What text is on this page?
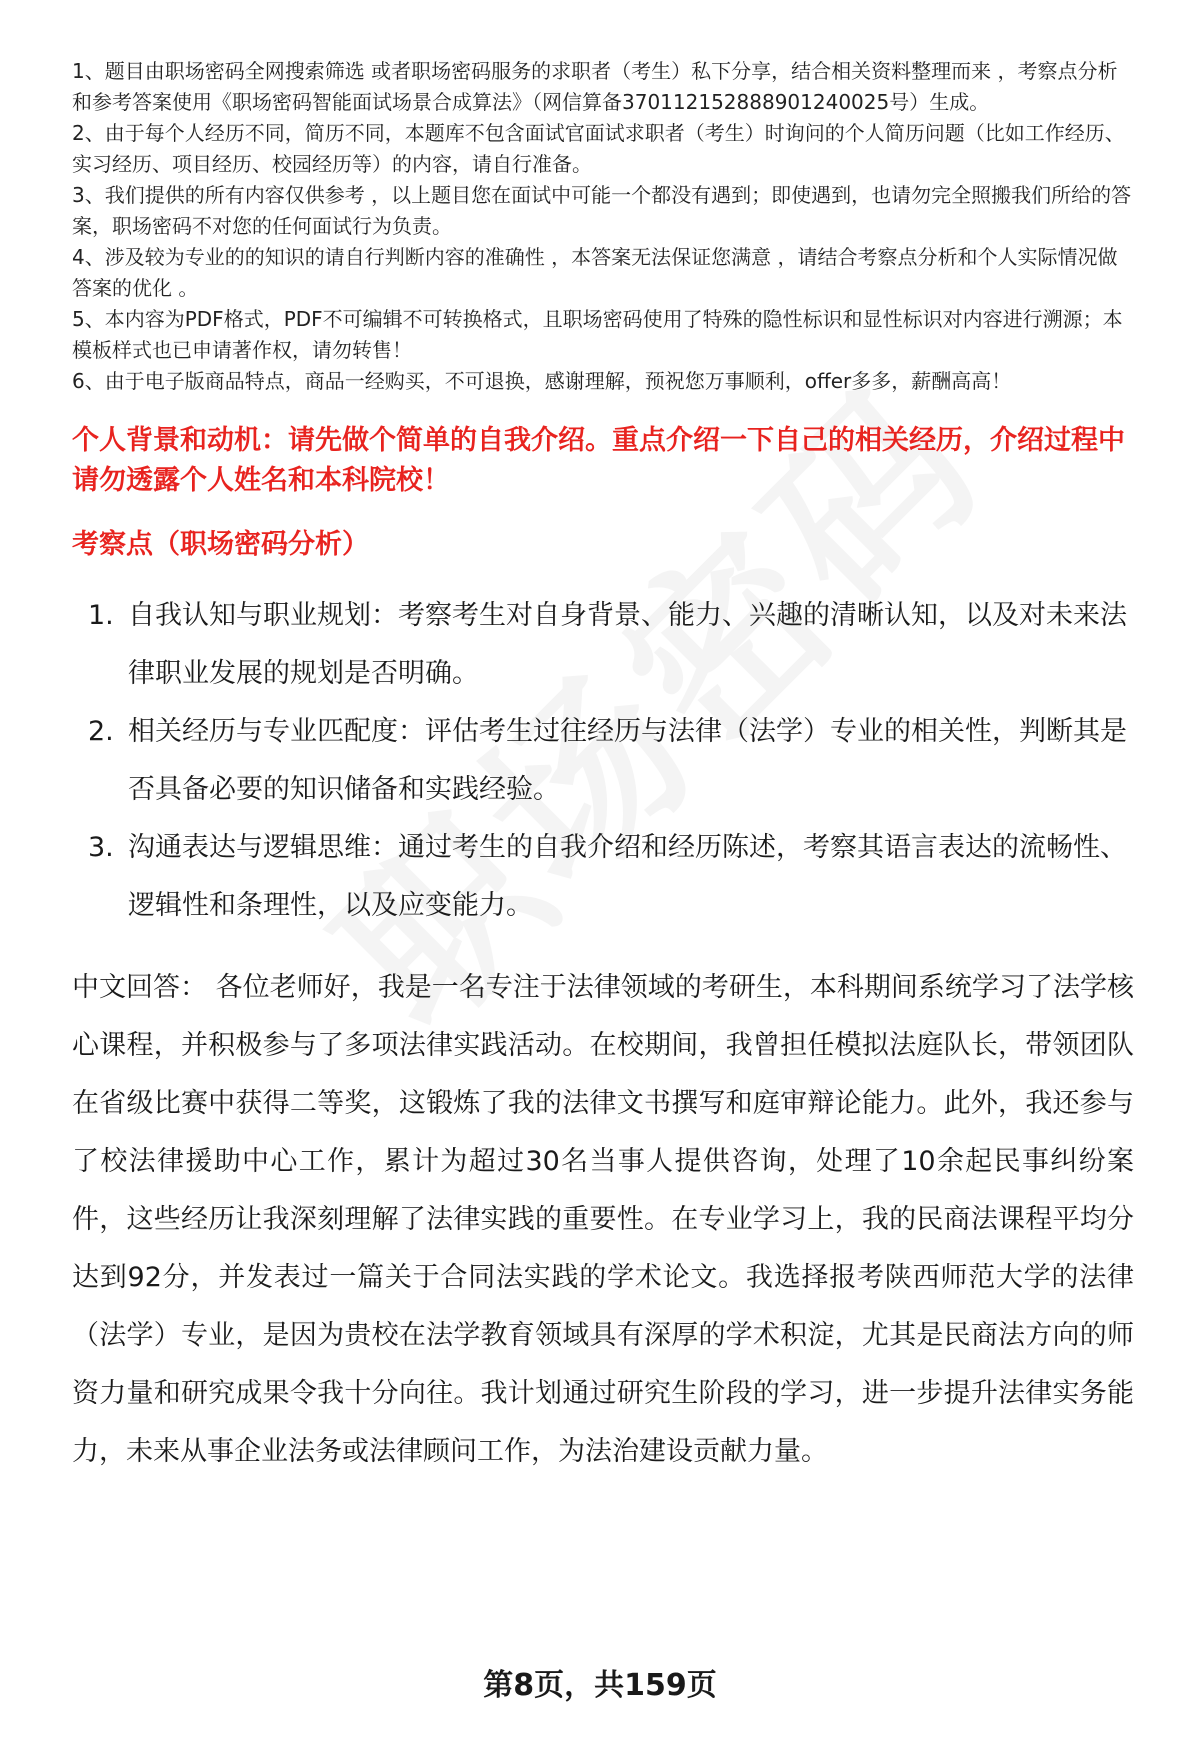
1、题目由职场密码全网搜索筛选 或者职场密码服务的求职者（考生）私下分享，结合相关资料整理而来 ，考察点分析和参考答案使用《职场密码智能面试场景合成算法》（网信算备370112152888901240025号）生成。

2、由于每个人经历不同，简历不同，本题库不包含面试官面试求职者（考生）时询问的个人简历问题（比如工作经历、实习经历、项目经历、校园经历等）的内容，请自行准备。

3、我们提供的所有内容仅供参考 ，以上题目您在面试中可能一个都没有遇到；即使遇到，也请勿完全照搬我们所给的答案，职场密码不对您的任何面试行为负责。

4、涉及较为专业的的知识的请自行判断内容的准确性 ，本答案无法保证您满意 ，请结合考察点分析和个人实际情况做答案的优化 。

5、本内容为PDF格式，PDF不可编辑不可转换格式，且职场密码使用了特殊的隐性标识和显性标识对内容进行溯源；本模板样式也已申请著作权，请勿转售！

6、由于电子版商品特点，商品一经购买，不可退换，感谢理解，预祝您万事顺利，offer多多，薪酬高高！

个人背景和动机：请先做个简单的自我介绍。重点介绍一下自己的相关经历，介绍过程中请勿透露个人姓名和本科院校！
考察点（职场密码分析）
1. 自我认知与职业规划：考察考生对自身背景、能力、兴趣的清晰认知，以及对未来法律职业发展的规划是否明确。
2. 相关经历与专业匹配度：评估考生过往经历与法律（法学）专业的相关性，判断其是否具备必要的知识储备和实践经验。
3. 沟通表达与逻辑思维：通过考生的自我介绍和经历陈述，考察其语言表达的流畅性、逻辑性和条理性，以及应变能力。
中文回答： 各位老师好，我是一名专注于法律领域的考研生，本科期间系统学习了法学核心课程，并积极参与了多项法律实践活动。在校期间，我曾担任模拟法庭队长，带领团队在省级比赛中获得二等奖，这锻炼了我的法律文书撰写和庭审辩论能力。此外，我还参与了校法律援助中心工作，累计为超过30名当事人提供咨询，处理了10余起民事纠纷案件，这些经历让我深刻理解了法律实践的重要性。在专业学习上，我的民商法课程平均分达到92分，并发表过一篇关于合同法实践的学术论文。我选择报考陕西师范大学的法律（法学）专业，是因为贵校在法学教育领域具有深厚的学术积淀，尤其是民商法方向的师资力量和研究成果令我十分向往。我计划通过研究生阶段的学习，进一步提升法律实务能力，未来从事企业法务或法律顾问工作，为法治建设贡献力量。
第8页，共159页
